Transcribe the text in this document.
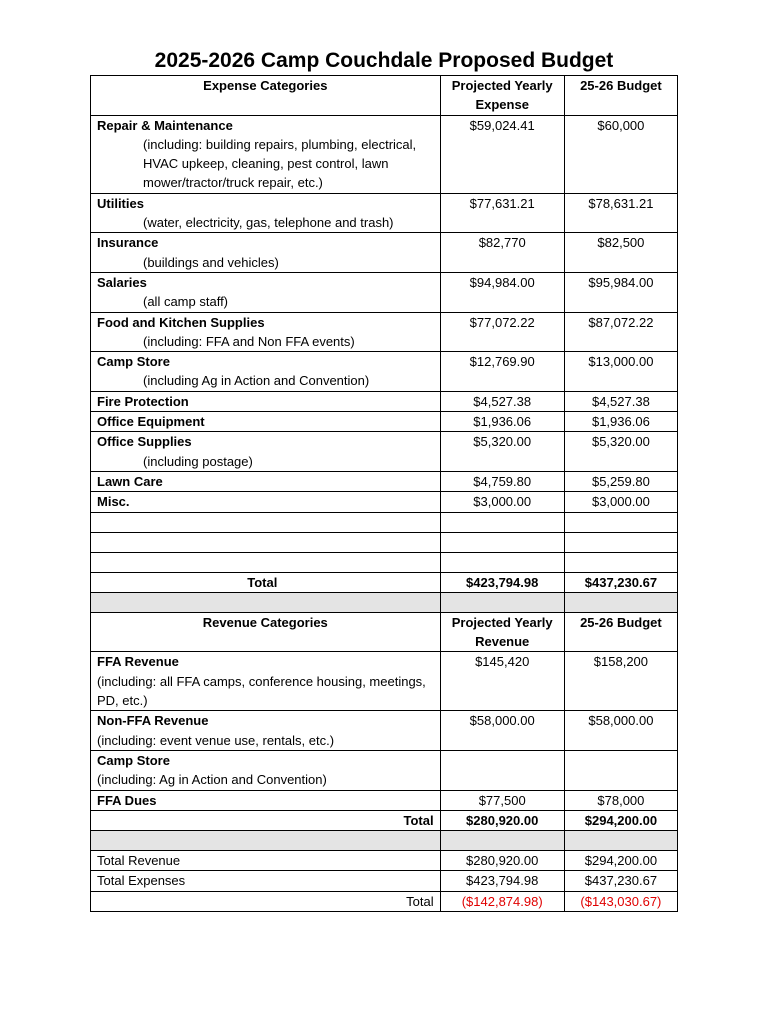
2025-2026 Camp Couchdale Proposed Budget
Expense Categories	Projected Yearly Expense	25-26 Budget

Repair & Maintenance
(including: building repairs, plumbing, electrical, HVAC upkeep, cleaning, pest control, lawn mower/tractor/truck repair, etc.)	$59,024.41	$60,000

Utilities
(water, electricity, gas, telephone and trash)	$77,631.21	$78,631.21

Insurance
(buildings and vehicles)	$82,770	$82,500

Salaries
(all camp staff)	$94,984.00	$95,984.00

Food and Kitchen Supplies
(including: FFA and Non FFA events)	$77,072.22	$87,072.22

Camp Store
(including Ag in Action and Convention)	$12,769.90	$13,000.00

Fire Protection	$4,527.38	$4,527.38

Office Equipment	$1,936.06	$1,936.06

Office Supplies
(including postage)	$5,320.00	$5,320.00

Lawn Care	$4,759.80	$5,259.80

Misc.	$3,000.00	$3,000.00

Total	$423,794.98	$437,230.67

Revenue Categories	Projected Yearly Revenue	25-26 Budget

FFA Revenue
(including: all FFA camps, conference housing, meetings, PD, etc.)	$145,420	$158,200

Non-FFA Revenue
(including: event venue use, rentals, etc.)	$58,000.00	$58,000.00

Camp Store
(including: Ag in Action and Convention)		

FFA Dues	$77,500	$78,000
Total	$280,920.00	$294,200.00

Total Revenue	$280,920.00	$294,200.00
Total Expenses	$423,794.98	$437,230.67
Total	($142,874.98)	($143,030.67)
